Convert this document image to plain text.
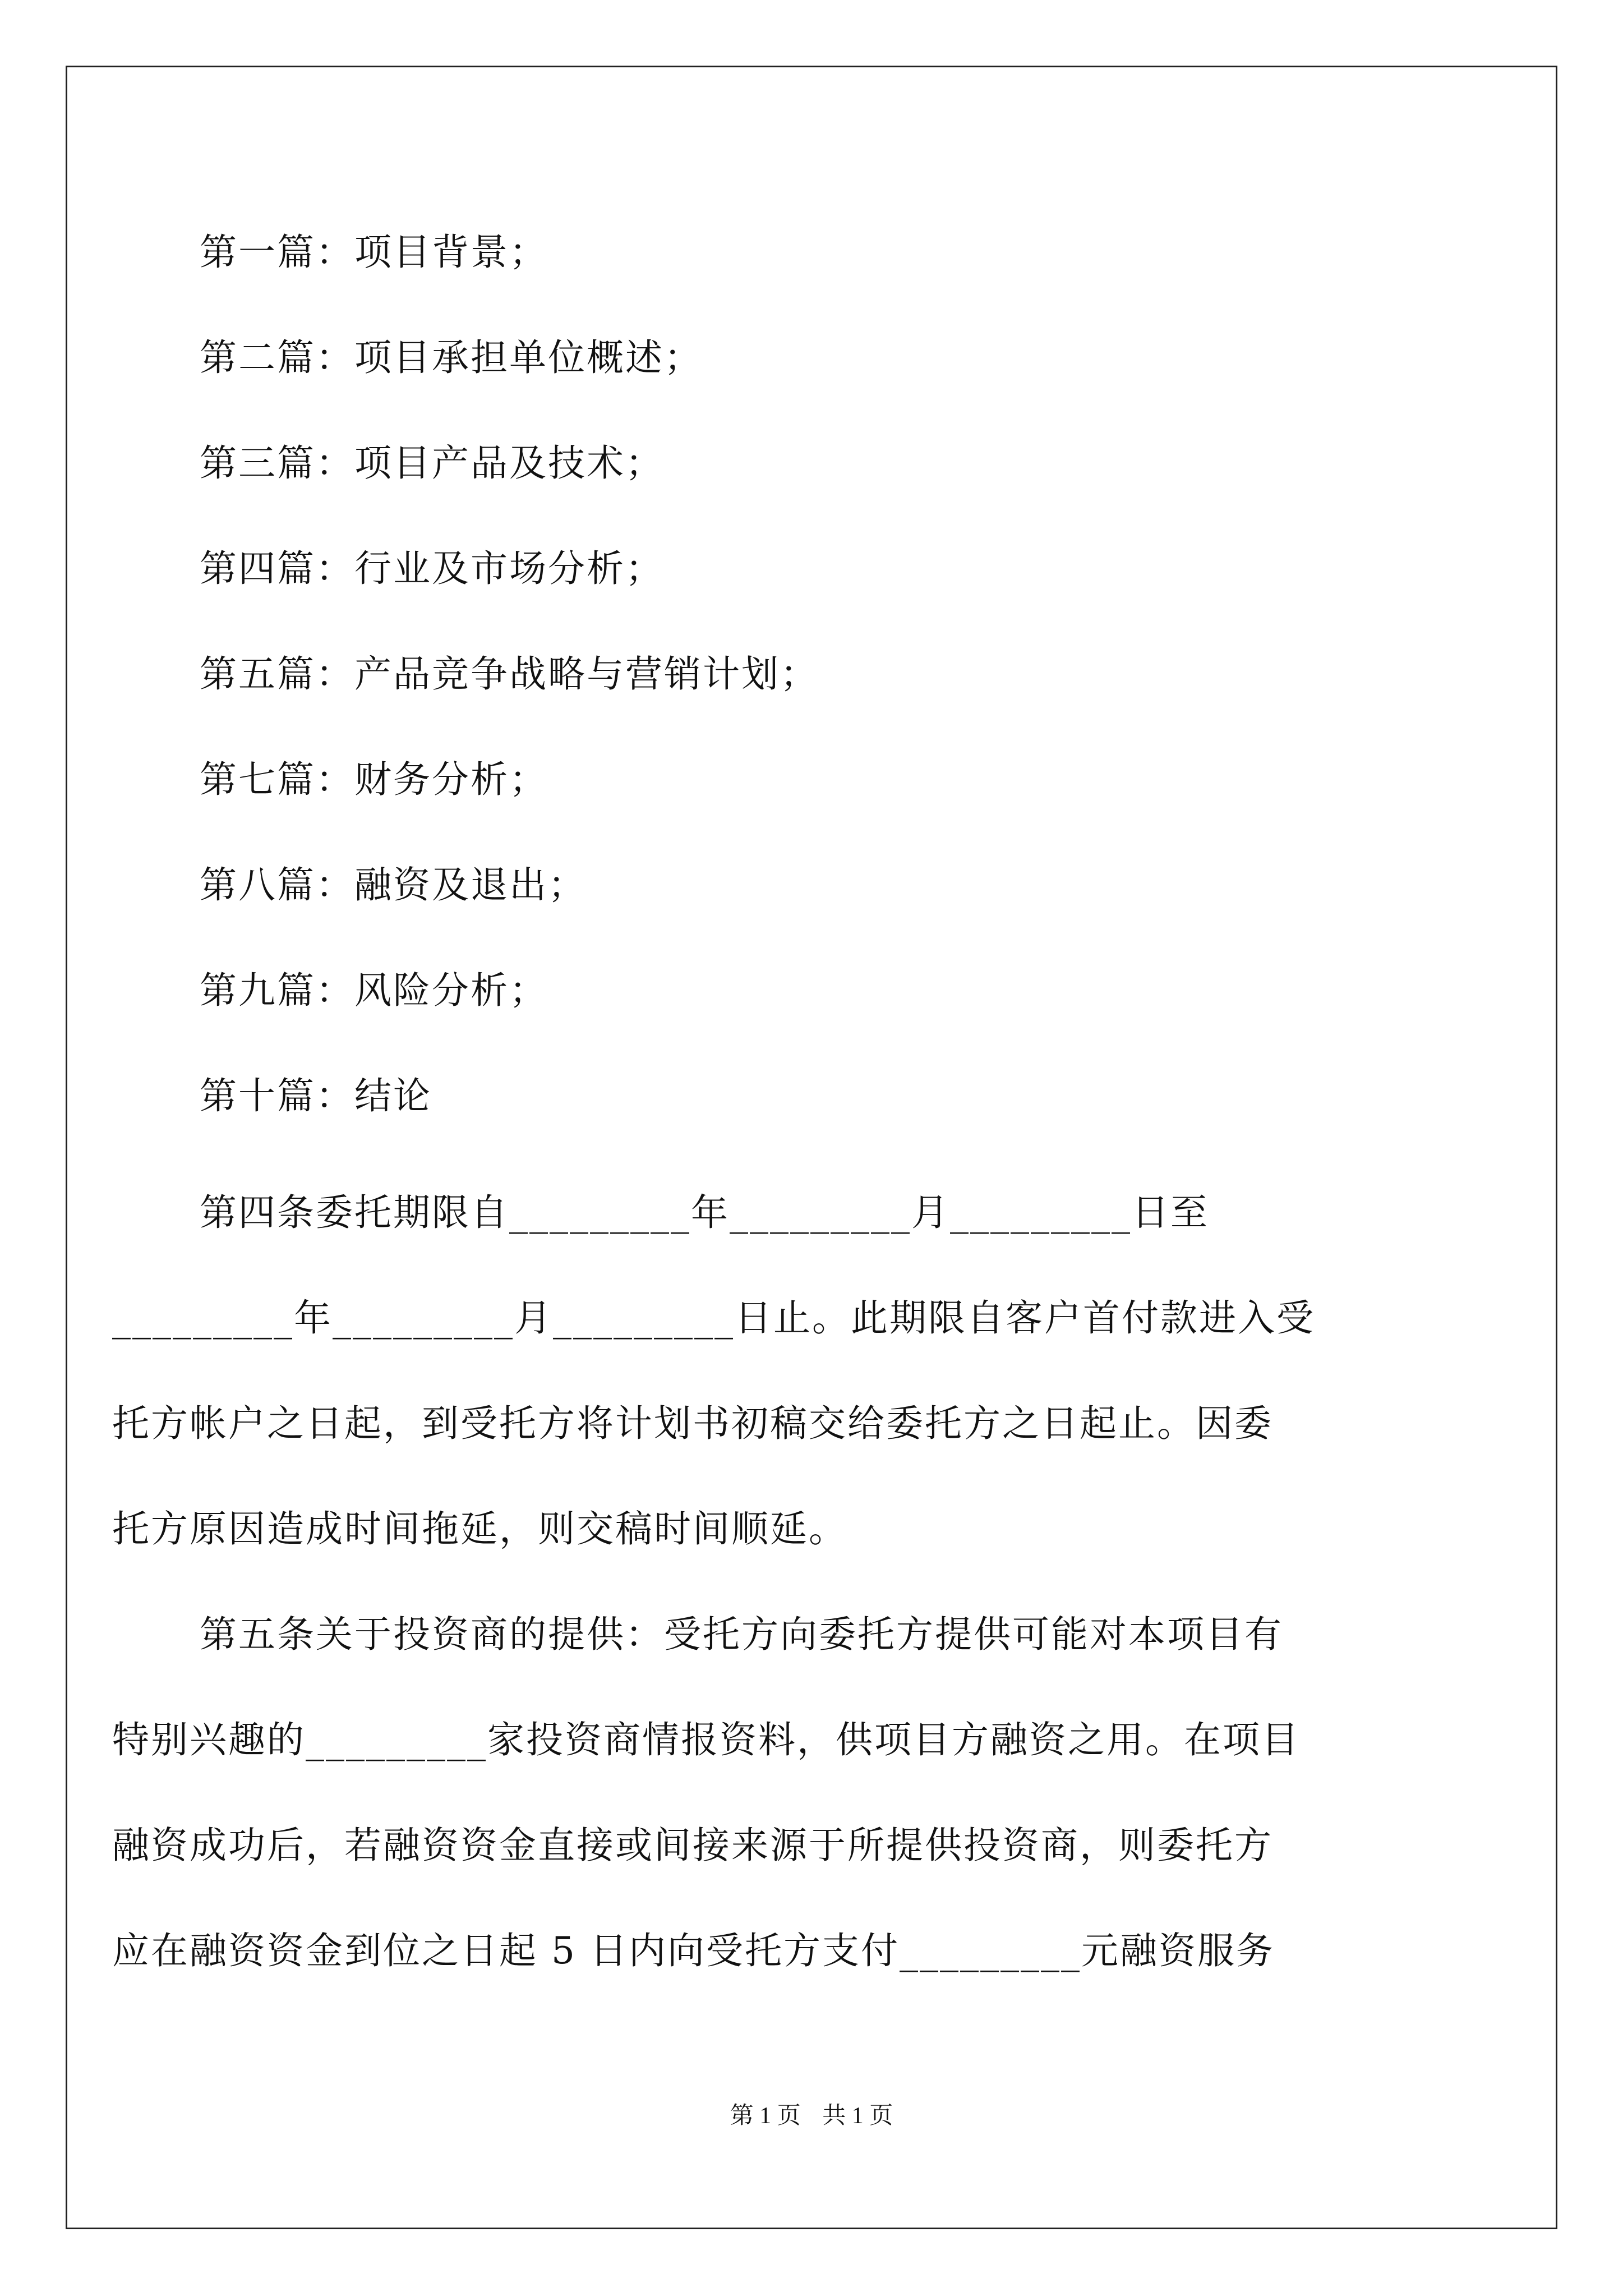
第一篇：项目背景；
第二篇：项目承担单位概述；
第三篇：项目产品及技术；
第四篇：行业及市场分析；
第五篇：产品竞争战略与营销计划；
第七篇：财务分析；
第八篇：融资及退出；
第九篇：风险分析；
第十篇：结论
第四条委托期限自_________年_________月_________日至
_________年_________月_________日止。此期限自客户首付款进入受
托方帐户之日起，到受托方将计划书初稿交给委托方之日起止。因委
托方原因造成时间拖延，则交稿时间顺延。
第五条关于投资商的提供：受托方向委托方提供可能对本项目有
特别兴趣的_________家投资商情报资料，供项目方融资之用。在项目
融资成功后，若融资资金直接或间接来源于所提供投资商，则委托方
应在融资资金到位之日起 5 日内向受托方支付_________元融资服务
第 1 页 共 1 页
